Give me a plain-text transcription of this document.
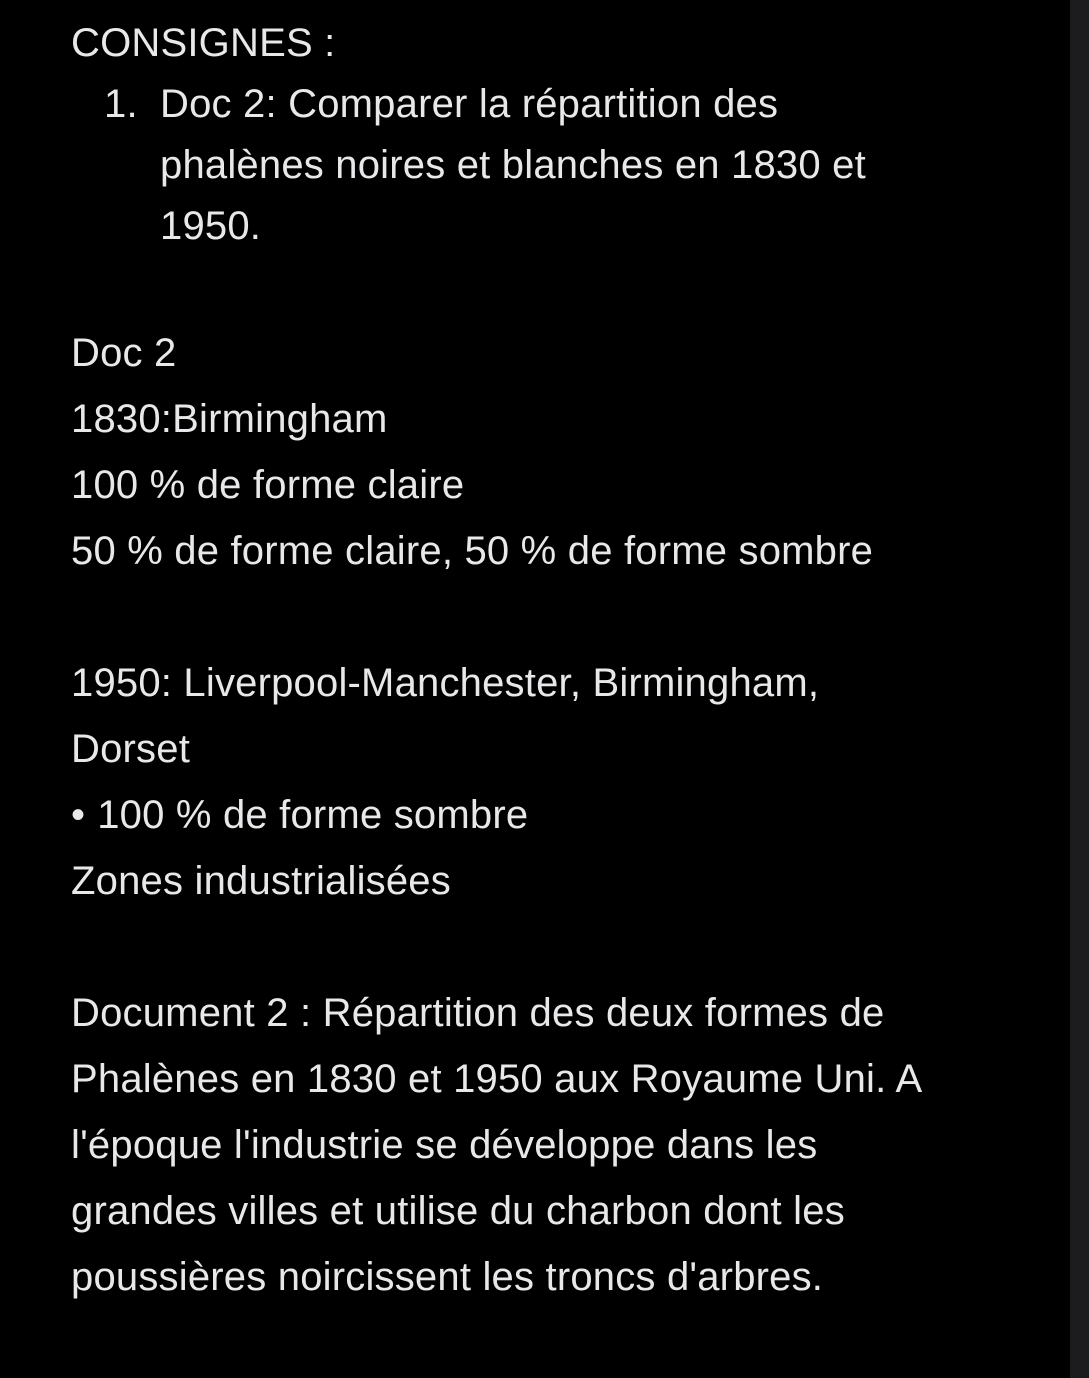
CONSIGNES :
1. Doc 2: Comparer la répartition des
phalènes noires et blanches en 1830 et
1950.
Doc 2
1830:Birmingham
100 % de forme claire
50 % de forme claire, 50 % de forme sombre
1950: Liverpool-Manchester, Birmingham,
Dorset
• 100 % de forme sombre
Zones industrialisées
Document 2 : Répartition des deux formes de
Phalènes en 1830 et 1950 aux Royaume Uni. A
l'époque l'industrie se développe dans les
grandes villes et utilise du charbon dont les
poussières noircissent les troncs d'arbres.
